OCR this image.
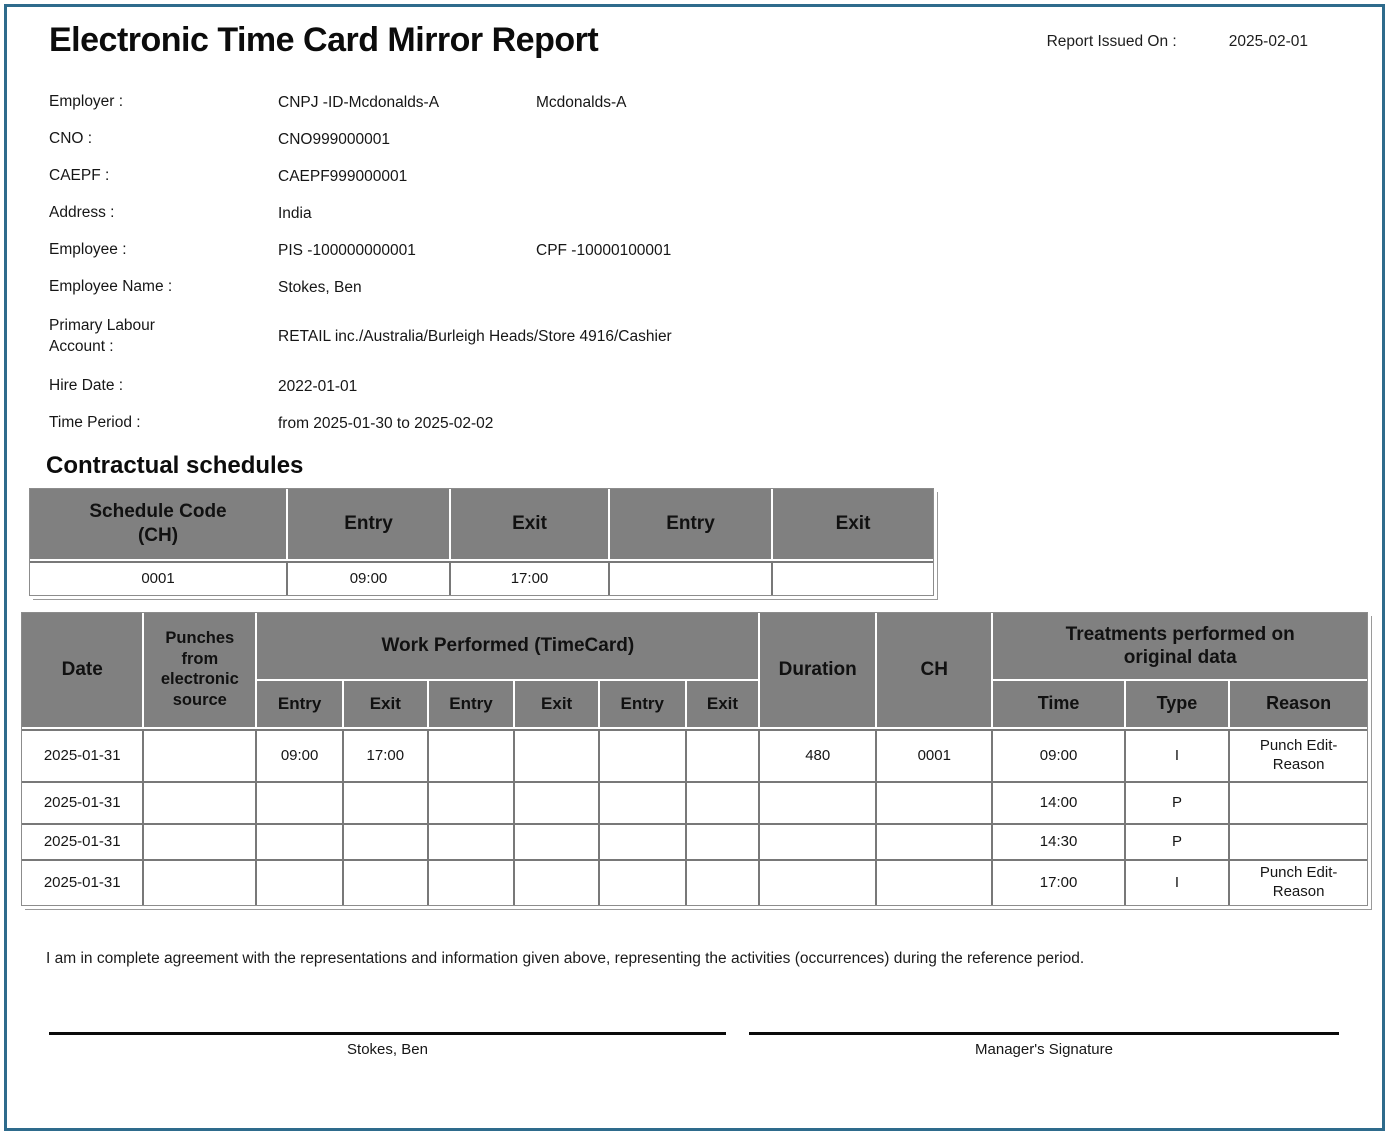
Electronic Time Card Mirror Report	Report Issued On :	2025-02-01
Employer :	CNPJ -ID-Mcdonalds-A	Mcdonalds-A
CNO :	CNO999000001
CAEPF :	CAEPF999000001
Address :	India
Employee :	PIS -100000000001	CPF -10000100001
Employee Name :	Stokes, Ben
Primary Labour Account :
RETAIL inc./Australia/Burleigh Heads/Store 4916/Cashier
Hire Date :	2022-01-01
Time Period :	from 2025-01-30 to 2025-02-02
Contractual schedules
Schedule Code (CH)	Entry	Exit	Entry	Exit
0001	09:00	17:00		

Date	Punches from electronic source	Work Performed (TimeCard)						Duration	CH	Treatments performed on original data		
		Entry	Exit	Entry	Exit	Entry	Exit			Time	Type	Reason
2025-01-31		09:00	17:00					480	0001	09:00	I	Punch Edit-Reason
2025-01-31										14:00	P	
2025-01-31										14:30	P	
2025-01-31										17:00	I	Punch Edit-Reason

I am in complete agreement with the representations and information given above, representing the activities (occurrences) during the reference period.

Stokes, Ben	Manager's Signature
